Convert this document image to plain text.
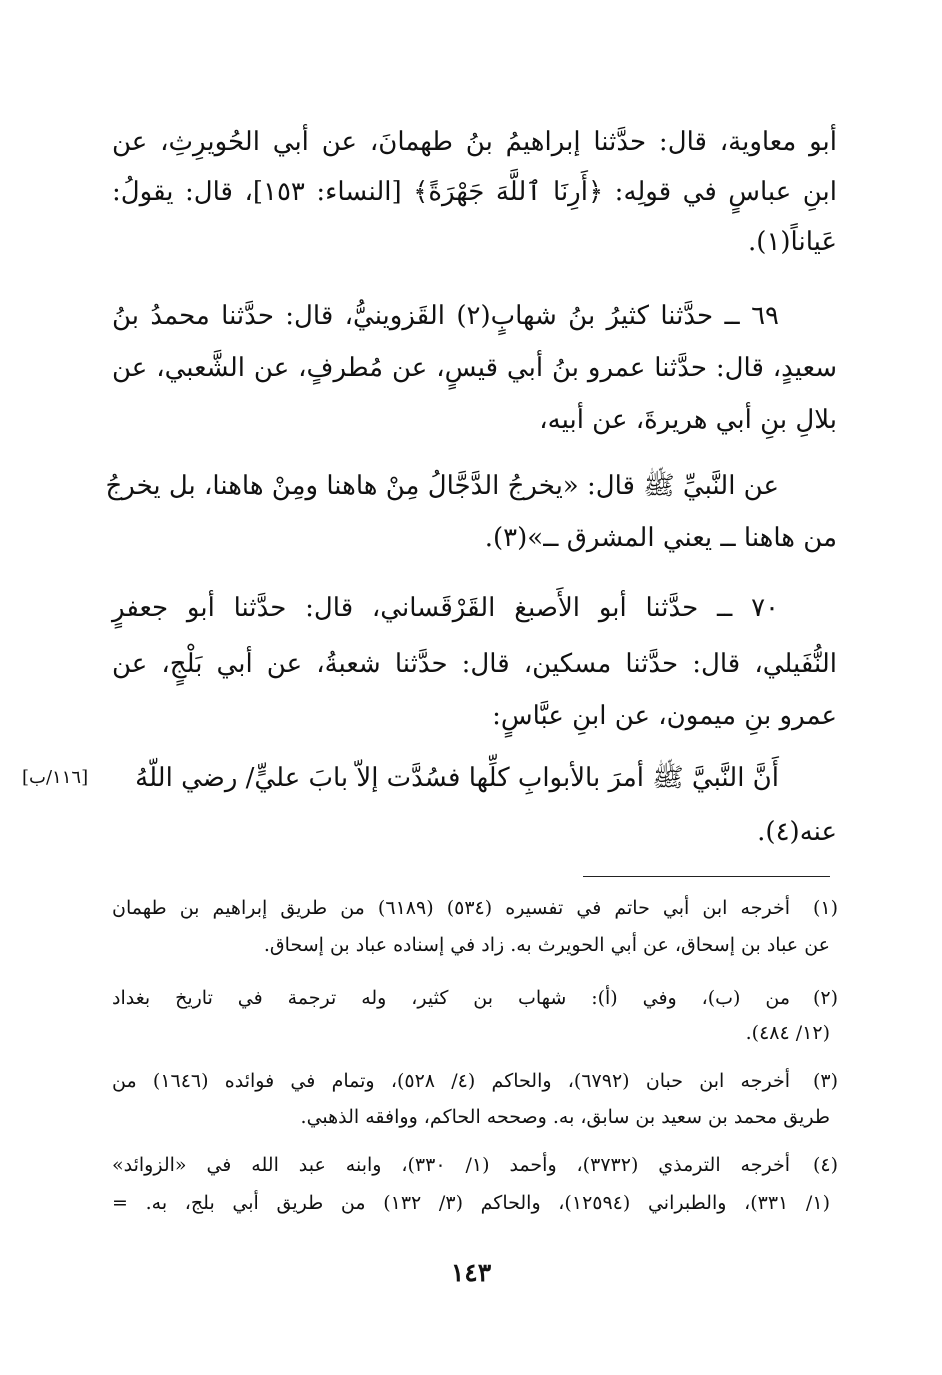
أبو معاوية، قال: حدَّثنا إبراهيمُ بنُ طهمانَ، عن أبي الحُويرِثِ، عن
ابنِ عباسٍ في قولِه: ﴿أَرِنَا ٱللَّهَ جَهْرَةً﴾ [النساء: ١٥٣]، قال: يقولُ:
عَياناً(١).
٦٩ ــ حدَّثنا كثيرُ بنُ شهابٍ(٢) القَزوينيُّ، قال: حدَّثنا محمدُ بنُ
سعيدٍ، قال: حدَّثنا عمرو بنُ أبي قيسٍ، عن مُطرفٍ، عن الشَّعبي، عن
بلالِ بنِ أبي هريرةَ، عن أبيه،
عن النَّبيِّ ﷺ قال: «يخرجُ الدَّجَّالُ مِنْ هاهنا ومِنْ هاهنا، بل يخرجُ
من هاهنا ــ يعني المشرق ــ»(٣).
٧٠ ــ حدَّثنا أبو الأَصبغ القَرْقَساني، قال: حدَّثنا أبو جعفرٍ
النُّفَيلي، قال: حدَّثنا مسكين، قال: حدَّثنا شعبةُ، عن أبي بَلْجٍ، عن
عمرو بنِ ميمون، عن ابنِ عبَّاسٍ:
أَنَّ النَّبيَّ ﷺ أمرَ بالأبوابِ كلِّها فسُدَّت إلاّ بابَ عليٍّ/ رضي اللّهُ
عنه(٤).
[١١٦/ب]
(١)
أخرجه ابن أبي حاتم في تفسيره (٥٣٤) (٦١٨٩) من طريق إبراهيم بن طهمان
عن عباد بن إسحاق، عن أبي الحويرث به. زاد في إسناده عباد بن إسحاق.
(٢)
من (ب)، وفي (أ): شهاب بن كثير، وله ترجمة في تاريخ بغداد
(١٢/ ٤٨٤).
(٣)
أخرجه ابن حبان (٦٧٩٢)، والحاكم (٤/ ٥٢٨)، وتمام في فوائده (١٦٤٦) من
طريق محمد بن سعيد بن سابق، به. وصححه الحاكم، ووافقه الذهبي.
(٤)
أخرجه الترمذي (٣٧٣٢)، وأحمد (١/ ٣٣٠)، وابنه عبد الله في «الزوائد»
(١/ ٣٣١)، والطبراني (١٢٥٩٤)، والحاكم (٣/ ١٣٢) من طريق أبي بلج، به. =
١٤٣
